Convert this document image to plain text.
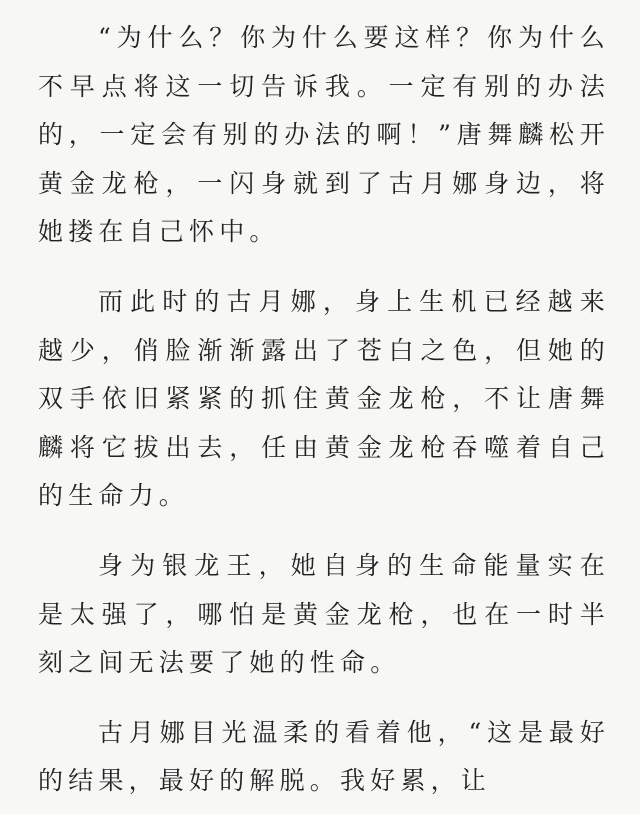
“为什么？你为什么要这样？你为什么不早点将这一切告诉我。一定有别的办法的，一定会有别的办法的啊！”唐舞麟松开黄金龙枪，一闪身就到了古月娜身边，将她搂在自己怀中。

而此时的古月娜，身上生机已经越来越少，俏脸渐渐露出了苍白之色，但她的双手依旧紧紧的抓住黄金龙枪，不让唐舞麟将它拔出去，任由黄金龙枪吞噬着自己的生命力。

身为银龙王，她自身的生命能量实在是太强了，哪怕是黄金龙枪，也在一时半刻之间无法要了她的性命。

古月娜目光温柔的看着他，“这是最好的结果，最好的解脱。我好累，让
